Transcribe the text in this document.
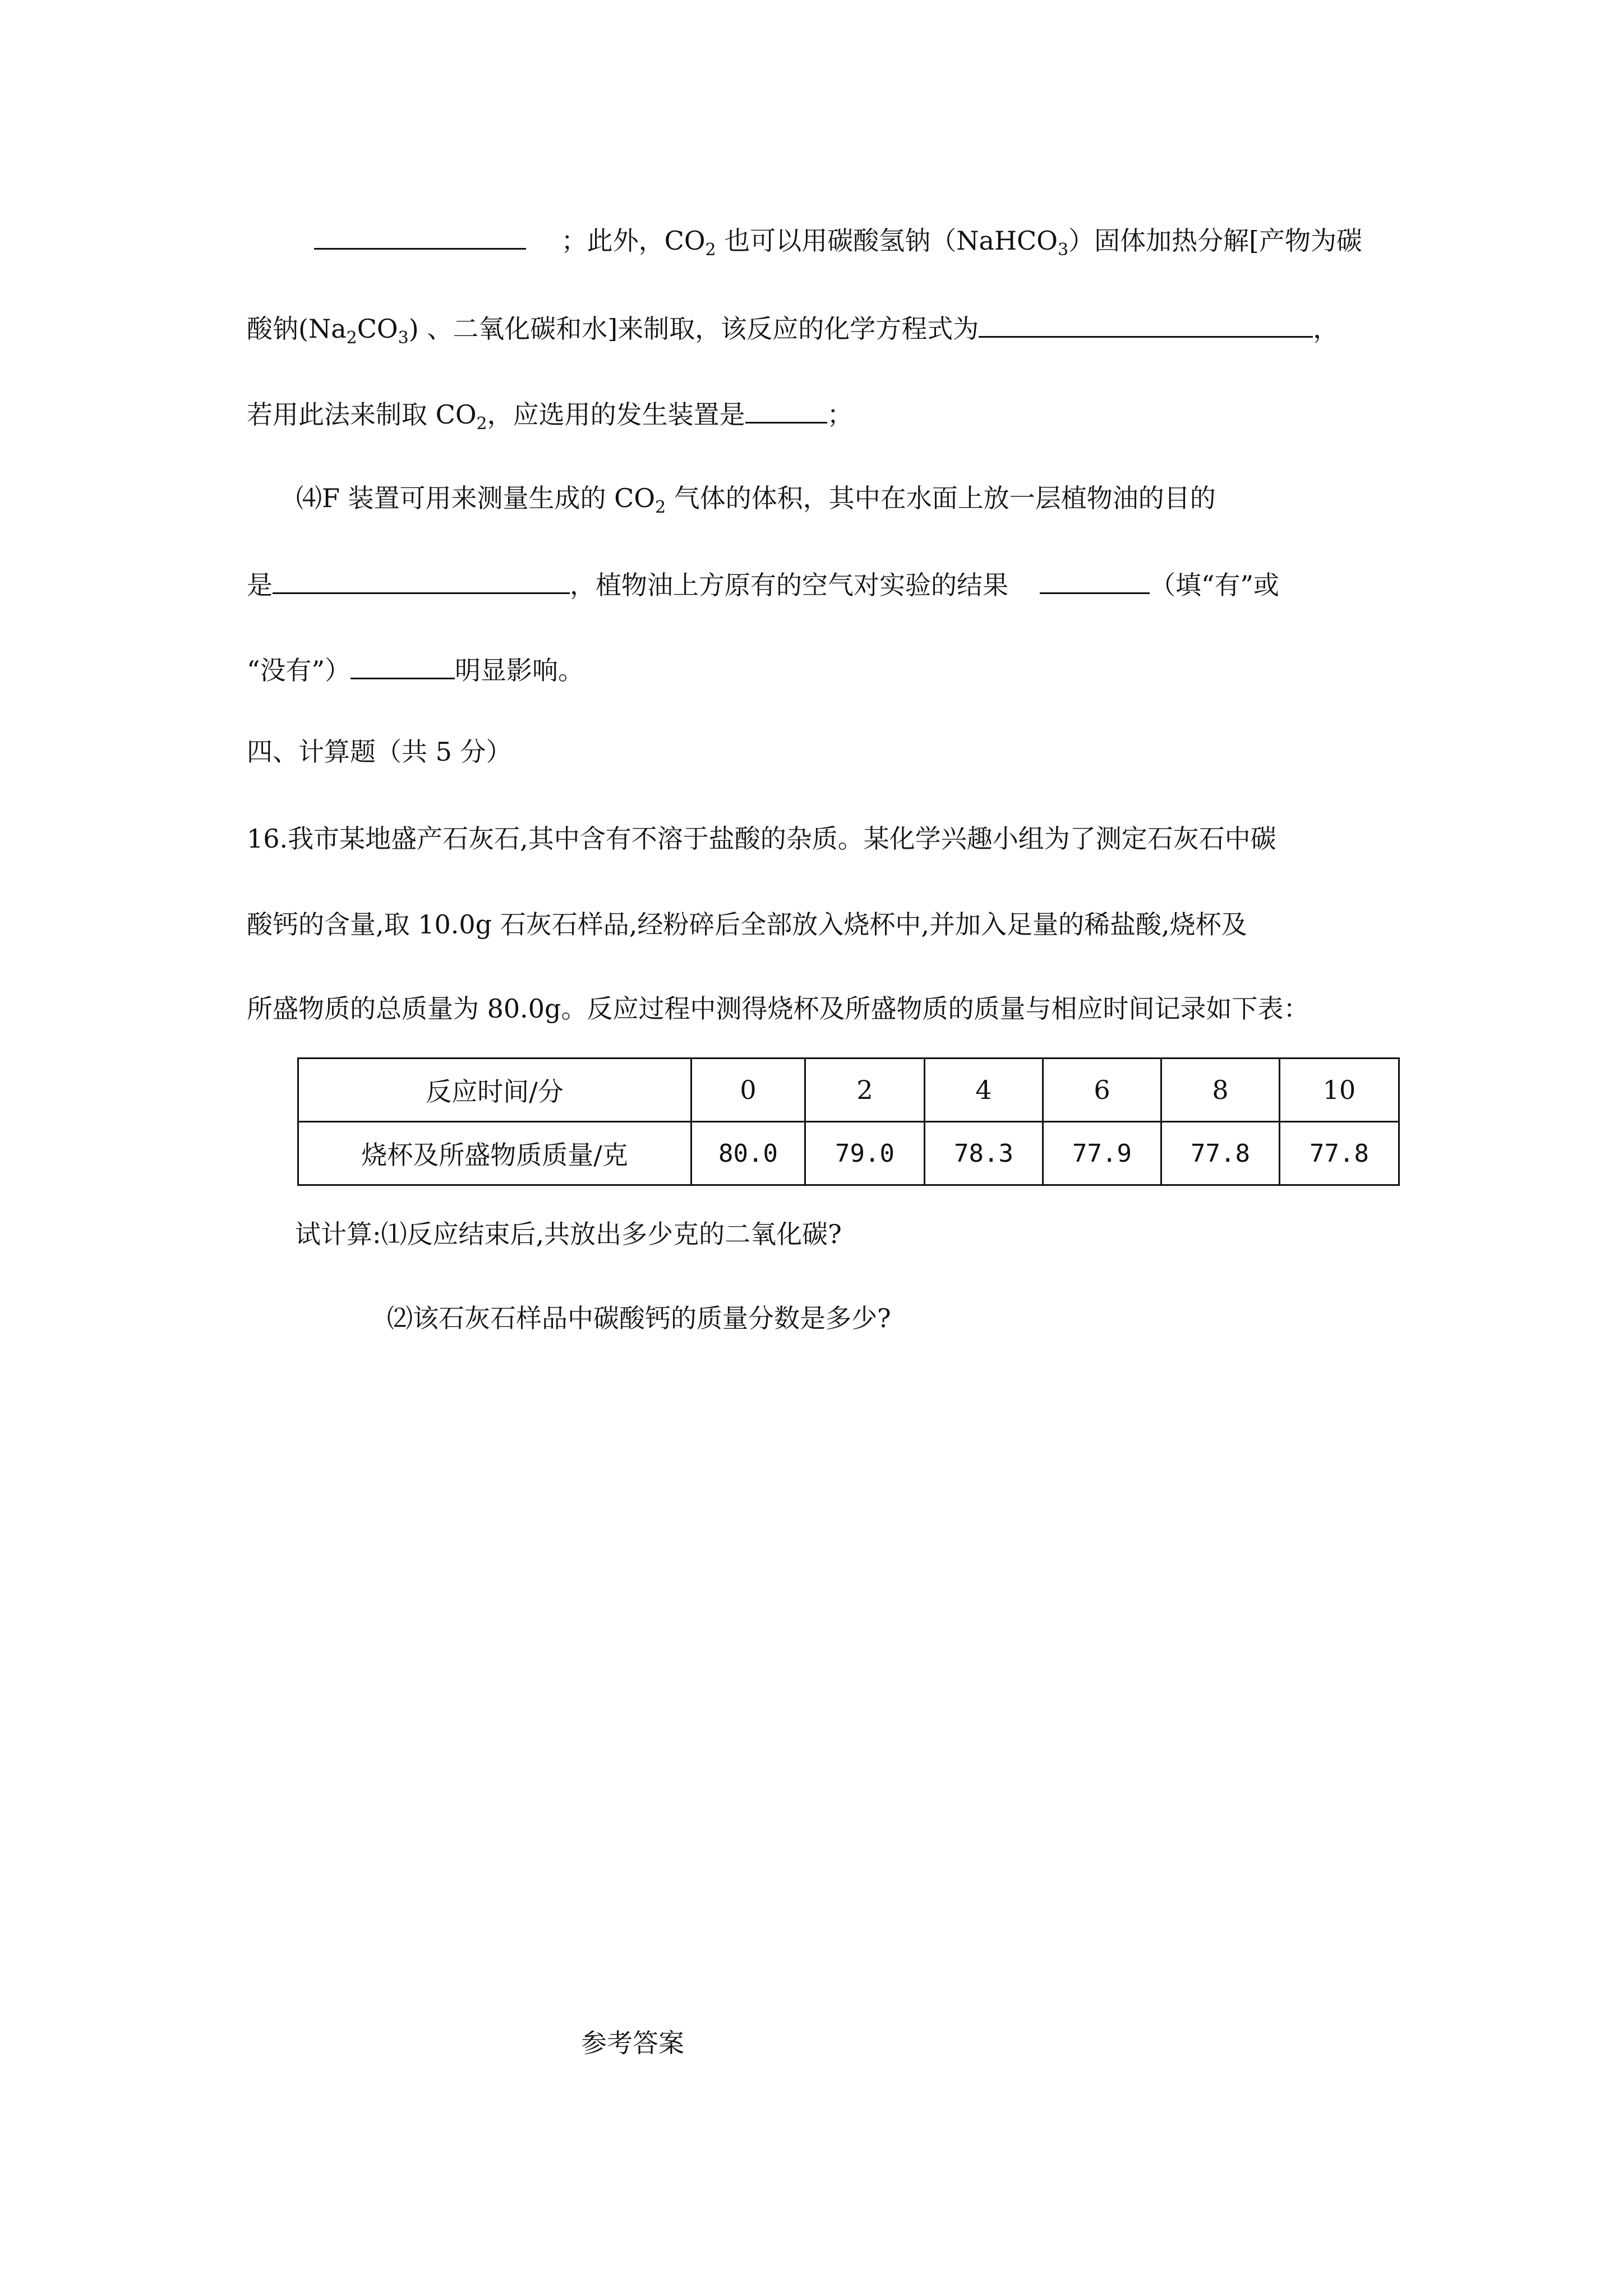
；此外，$CO_2$ 也可以用碳酸氢钠（NaHCO$_3$）固体加热分解[产物为碳
酸钠$(Na_2CO_3)$ 、二氧化碳和水]来制取，该反应的化学方程式为	，
若用此法来制取 $CO_2$，应选用的发生装置是	；
⑷F 装置可用来测量生成的 $CO_2$ 气体的体积，其中在水面上放一层植物油的目的
是	，植物油上方原有的空气对实验的结果	（填“有”或
“没有”）	明显影响。
四、计算题（共 5 分）
16.我市某地盛产石灰石,其中含有不溶于盐酸的杂质。某化学兴趣小组为了测定石灰石中碳
酸钙的含量,取 10.0g 石灰石样品,经粉碎后全部放入烧杯中,并加入足量的稀盐酸,烧杯及
所盛物质的总质量为 80.0g。反应过程中测得烧杯及所盛物质的质量与相应时间记录如下表：
反应时间/分	0	2	4	6	8	10
烧杯及所盛物质质量/克	80.0	79.0	78.3	77.9	77.8	77.8
试计算:⑴反应结束后,共放出多少克的二氧化碳?
⑵该石灰石样品中碳酸钙的质量分数是多少?
参考答案
